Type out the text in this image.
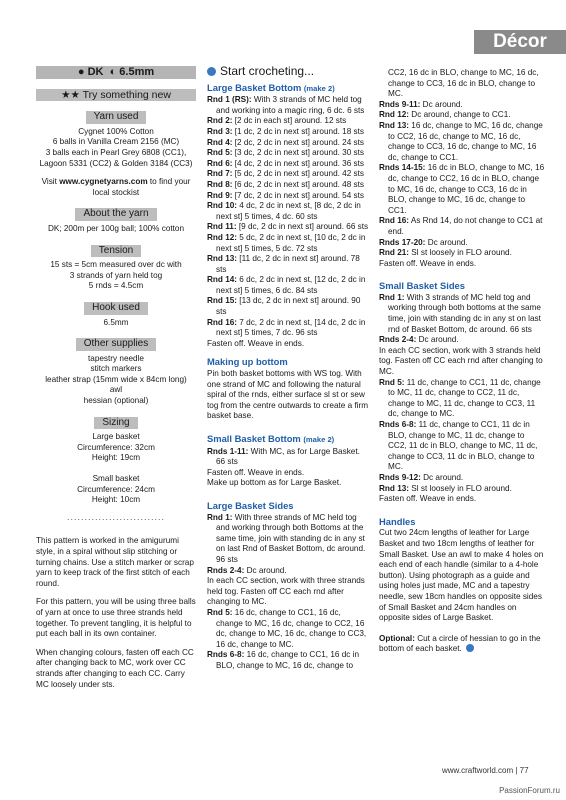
Décor
● DK ◐ 6.5mm
★★ Try something new
Yarn used

Cygnet 100% Cotton

6 balls in Vanilla Cream 2156 (MC)

3 balls each in Pearl Grey 6808 (CC1), Lagoon 5331 (CC2) & Golden 3184 (CC3)

Visit www.cygnetyarns.com to find your local stockist

About the yarn

DK; 200m per 100g ball; 100% cotton

Tension

15 sts = 5cm measured over dc with

3 strands of yarn held tog

5 rnds = 4.5cm

Hook used

6.5mm

Other supplies

tapestry needle

stitch markers

leather strap (15mm wide x 84cm long)

awl

hessian (optional)

Sizing

Large basket

Circumference: 32cm

Height: 19cm

Small basket

Circumference: 24cm

Height: 10cm

............................

This pattern is worked in the amigurumi style, in a spiral without slip stitching or turning chains. Use a stitch marker or scrap yarn to keep track of the first stitch of each round.

For this pattern, you will be using three balls of yarn at once to use three strands held together. To prevent tangling, it is helpful to put each ball in its own container.

When changing colours, fasten off each CC after changing back to MC, work over CC strands after changing to each CC. Carry MC loosely under sts.

Start crocheting...
Large Basket Bottom (make 2)

Rnd 1 (RS): With 3 strands of MC held tog and working into a magic ring, 6 dc. 6 sts

Rnd 2: [2 dc in each st] around. 12 sts

Rnd 3: [1 dc, 2 dc in next st] around. 18 sts

Rnd 4: [2 dc, 2 dc in next st] around. 24 sts

Rnd 5: [3 dc, 2 dc in next st] around. 30 sts

Rnd 6: [4 dc, 2 dc in next st] around. 36 sts

Rnd 7: [5 dc, 2 dc in next st] around. 42 sts

Rnd 8: [6 dc, 2 dc in next st] around. 48 sts

Rnd 9: [7 dc, 2 dc in next st] around. 54 sts

Rnd 10: 4 dc, 2 dc in next st, [8 dc, 2 dc in next st] 5 times, 4 dc. 60 sts

Rnd 11: [9 dc, 2 dc in next st] around. 66 sts

Rnd 12: 5 dc, 2 dc in next st, [10 dc, 2 dc in next st] 5 times, 5 dc. 72 sts

Rnd 13: [11 dc, 2 dc in next st] around. 78 sts

Rnd 14: 6 dc, 2 dc in next st, [12 dc, 2 dc in next st] 5 times, 6 dc. 84 sts

Rnd 15: [13 dc, 2 dc in next st] around. 90 sts

Rnd 16: 7 dc, 2 dc in next st, [14 dc, 2 dc in next st] 5 times, 7 dc. 96 sts

Fasten off. Weave in ends.

Making up bottom

Pin both basket bottoms with WS tog. With one strand of MC and following the natural spiral of the rnds, either surface sl st or sew tog from the centre outwards to create a firm basket base.

Small Basket Bottom (make 2)

Rnds 1-11: With MC, as for Large Basket. 66 sts

Fasten off. Weave in ends.

Make up bottom as for Large Basket.

Large Basket Sides

Rnd 1: With three strands of MC held tog and working through both Bottoms at the same time, join with standing dc in any st on last Rnd of Basket Bottom, dc around. 96 sts

Rnds 2-4: Dc around.

In each CC section, work with three strands held tog. Fasten off CC each rnd after changing to MC.

Rnd 5: 16 dc, change to CC1, 16 dc, change to MC, 16 dc, change to CC2, 16 dc, change to MC, 16 dc, change to CC3, 16 dc, change to MC.

Rnds 6-8: 16 dc, change to CC1, 16 dc in BLO, change to MC, 16 dc, change to

CC2, 16 dc in BLO, change to MC, 16 dc, change to CC3, 16 dc in BLO, change to MC.

Rnds 9-11: Dc around.

Rnd 12: Dc around, change to CC1.

Rnd 13: 16 dc, change to MC, 16 dc, change to CC2, 16 dc, change to MC, 16 dc, change to CC3, 16 dc, change to MC, 16 dc, change to CC1.

Rnds 14-15: 16 dc in BLO, change to MC, 16 dc, change to CC2, 16 dc in BLO, change to MC, 16 dc, change to CC3, 16 dc in BLO, change to MC, 16 dc, change to CC1.

Rnd 16: As Rnd 14, do not change to CC1 at end.

Rnds 17-20: Dc around.

Rnd 21: Sl st loosely in FLO around.

Fasten off. Weave in ends.

Small Basket Sides

Rnd 1: With 3 strands of MC held tog and working through both bottoms at the same time, join with standing dc in any st on last rnd of Basket Bottom, dc around. 66 sts

Rnds 2-4: Dc around.

In each CC section, work with 3 strands held tog. Fasten off CC each rnd after changing to MC.

Rnd 5: 11 dc, change to CC1, 11 dc, change to MC, 11 dc, change to CC2, 11 dc, change to MC, 11 dc, change to CC3, 11 dc, change to MC.

Rnds 6-8: 11 dc, change to CC1, 11 dc in BLO, change to MC, 11 dc, change to CC2, 11 dc in BLO, change to MC, 11 dc, change to CC3, 11 dc in BLO, change to MC.

Rnds 9-12: Dc around.

Rnd 13: Sl st loosely in FLO around.

Fasten off. Weave in ends.

Handles

Cut two 24cm lengths of leather for Large Basket and two 18cm lengths of leather for Small Basket. Use an awl to make 4 holes on each end of each handle (similar to a 4-hole button). Using photograph as a guide and using holes just made, MC and a tapestry needle, sew 18cm handles on opposite sides of Small Basket and 24cm handles on opposite sides of Large Basket.

Optional: Cut a circle of hessian to go in the bottom of each basket.

www.craftworld.com | 77
PassionForum.ru
